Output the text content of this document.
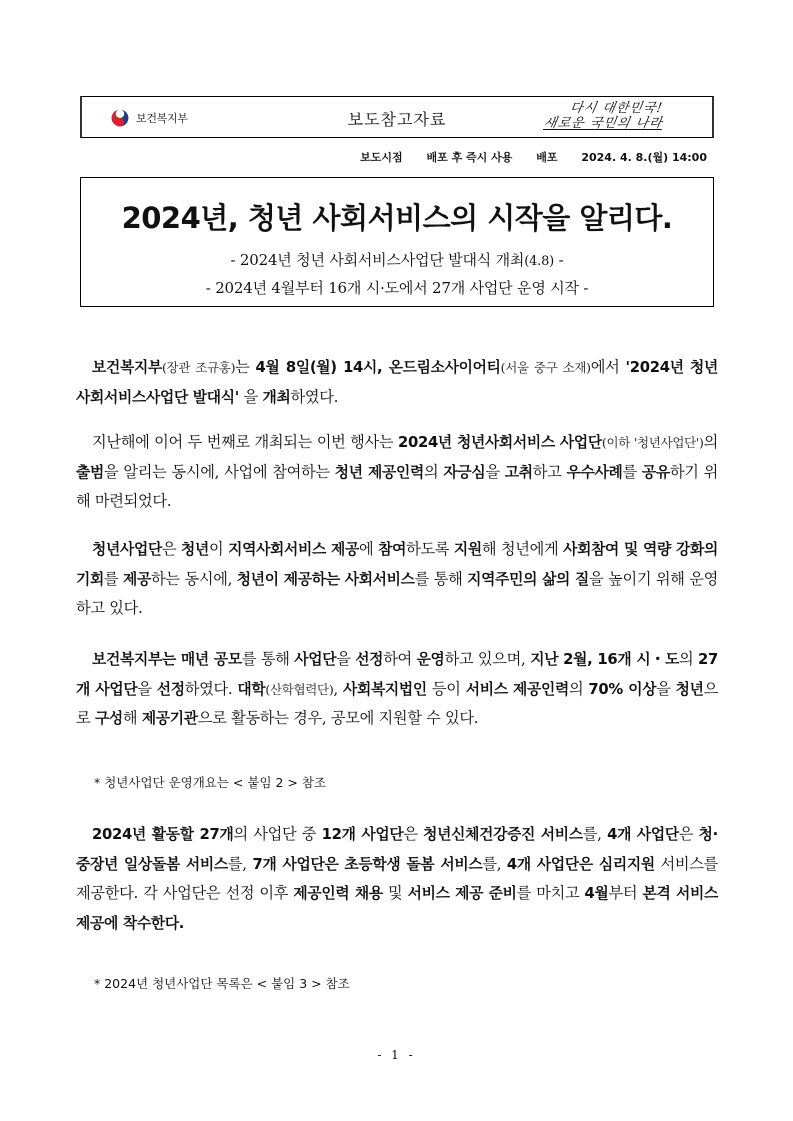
보건복지부	보도참고자료
다시 대한민국!
새로운 국민의 나라
보도시점 배포 후 즉시 사용 배포 2024. 4. 8.(월) 14:00
2024년, 청년 사회서비스의 시작을 알리다.
- 2024년 청년 사회서비스사업단 발대식 개최(4.8) -
- 2024년 4월부터 16개 시·도에서 27개 사업단 운영 시작 -
보건복지부(장관 조규홍)는 4월 8일(월) 14시, 온드림소사이어티(서울 중구 소재)에서 '2024년 청년 사회서비스사업단 발대식' 을 개최하였다.
지난해에 이어 두 번째로 개최되는 이번 행사는 2024년 청년사회서비스 사업단(이하 '청년사업단')의 출범을 알리는 동시에, 사업에 참여하는 청년 제공인력의 자긍심을 고취하고 우수사례를 공유하기 위해 마련되었다.
청년사업단은 청년이 지역사회서비스 제공에 참여하도록 지원해 청년에게 사회참여 및 역량 강화의 기회를 제공하는 동시에, 청년이 제공하는 사회서비스를 통해 지역주민의 삶의 질을 높이기 위해 운영하고 있다.
보건복지부는 매년 공모를 통해 사업단을 선정하여 운영하고 있으며, 지난 2월, 16개 시・도의 27개 사업단을 선정하였다. 대학(산학협력단), 사회복지법인 등이 서비스 제공인력의 70% 이상을 청년으로 구성해 제공기관으로 활동하는 경우, 공모에 지원할 수 있다.
* 청년사업단 운영개요는 < 붙임 2 > 참조
2024년 활동할 27개의 사업단 중 12개 사업단은 청년신체건강증진 서비스를, 4개 사업단은 청·중장년 일상돌봄 서비스를, 7개 사업단은 초등학생 돌봄 서비스를, 4개 사업단은 심리지원 서비스를 제공한다. 각 사업단은 선정 이후 제공인력 채용 및 서비스 제공 준비를 마치고 4월부터 본격 서비스 제공에 착수한다.
* 2024년 청년사업단 목록은 < 붙임 3 > 참조
- 1 -
